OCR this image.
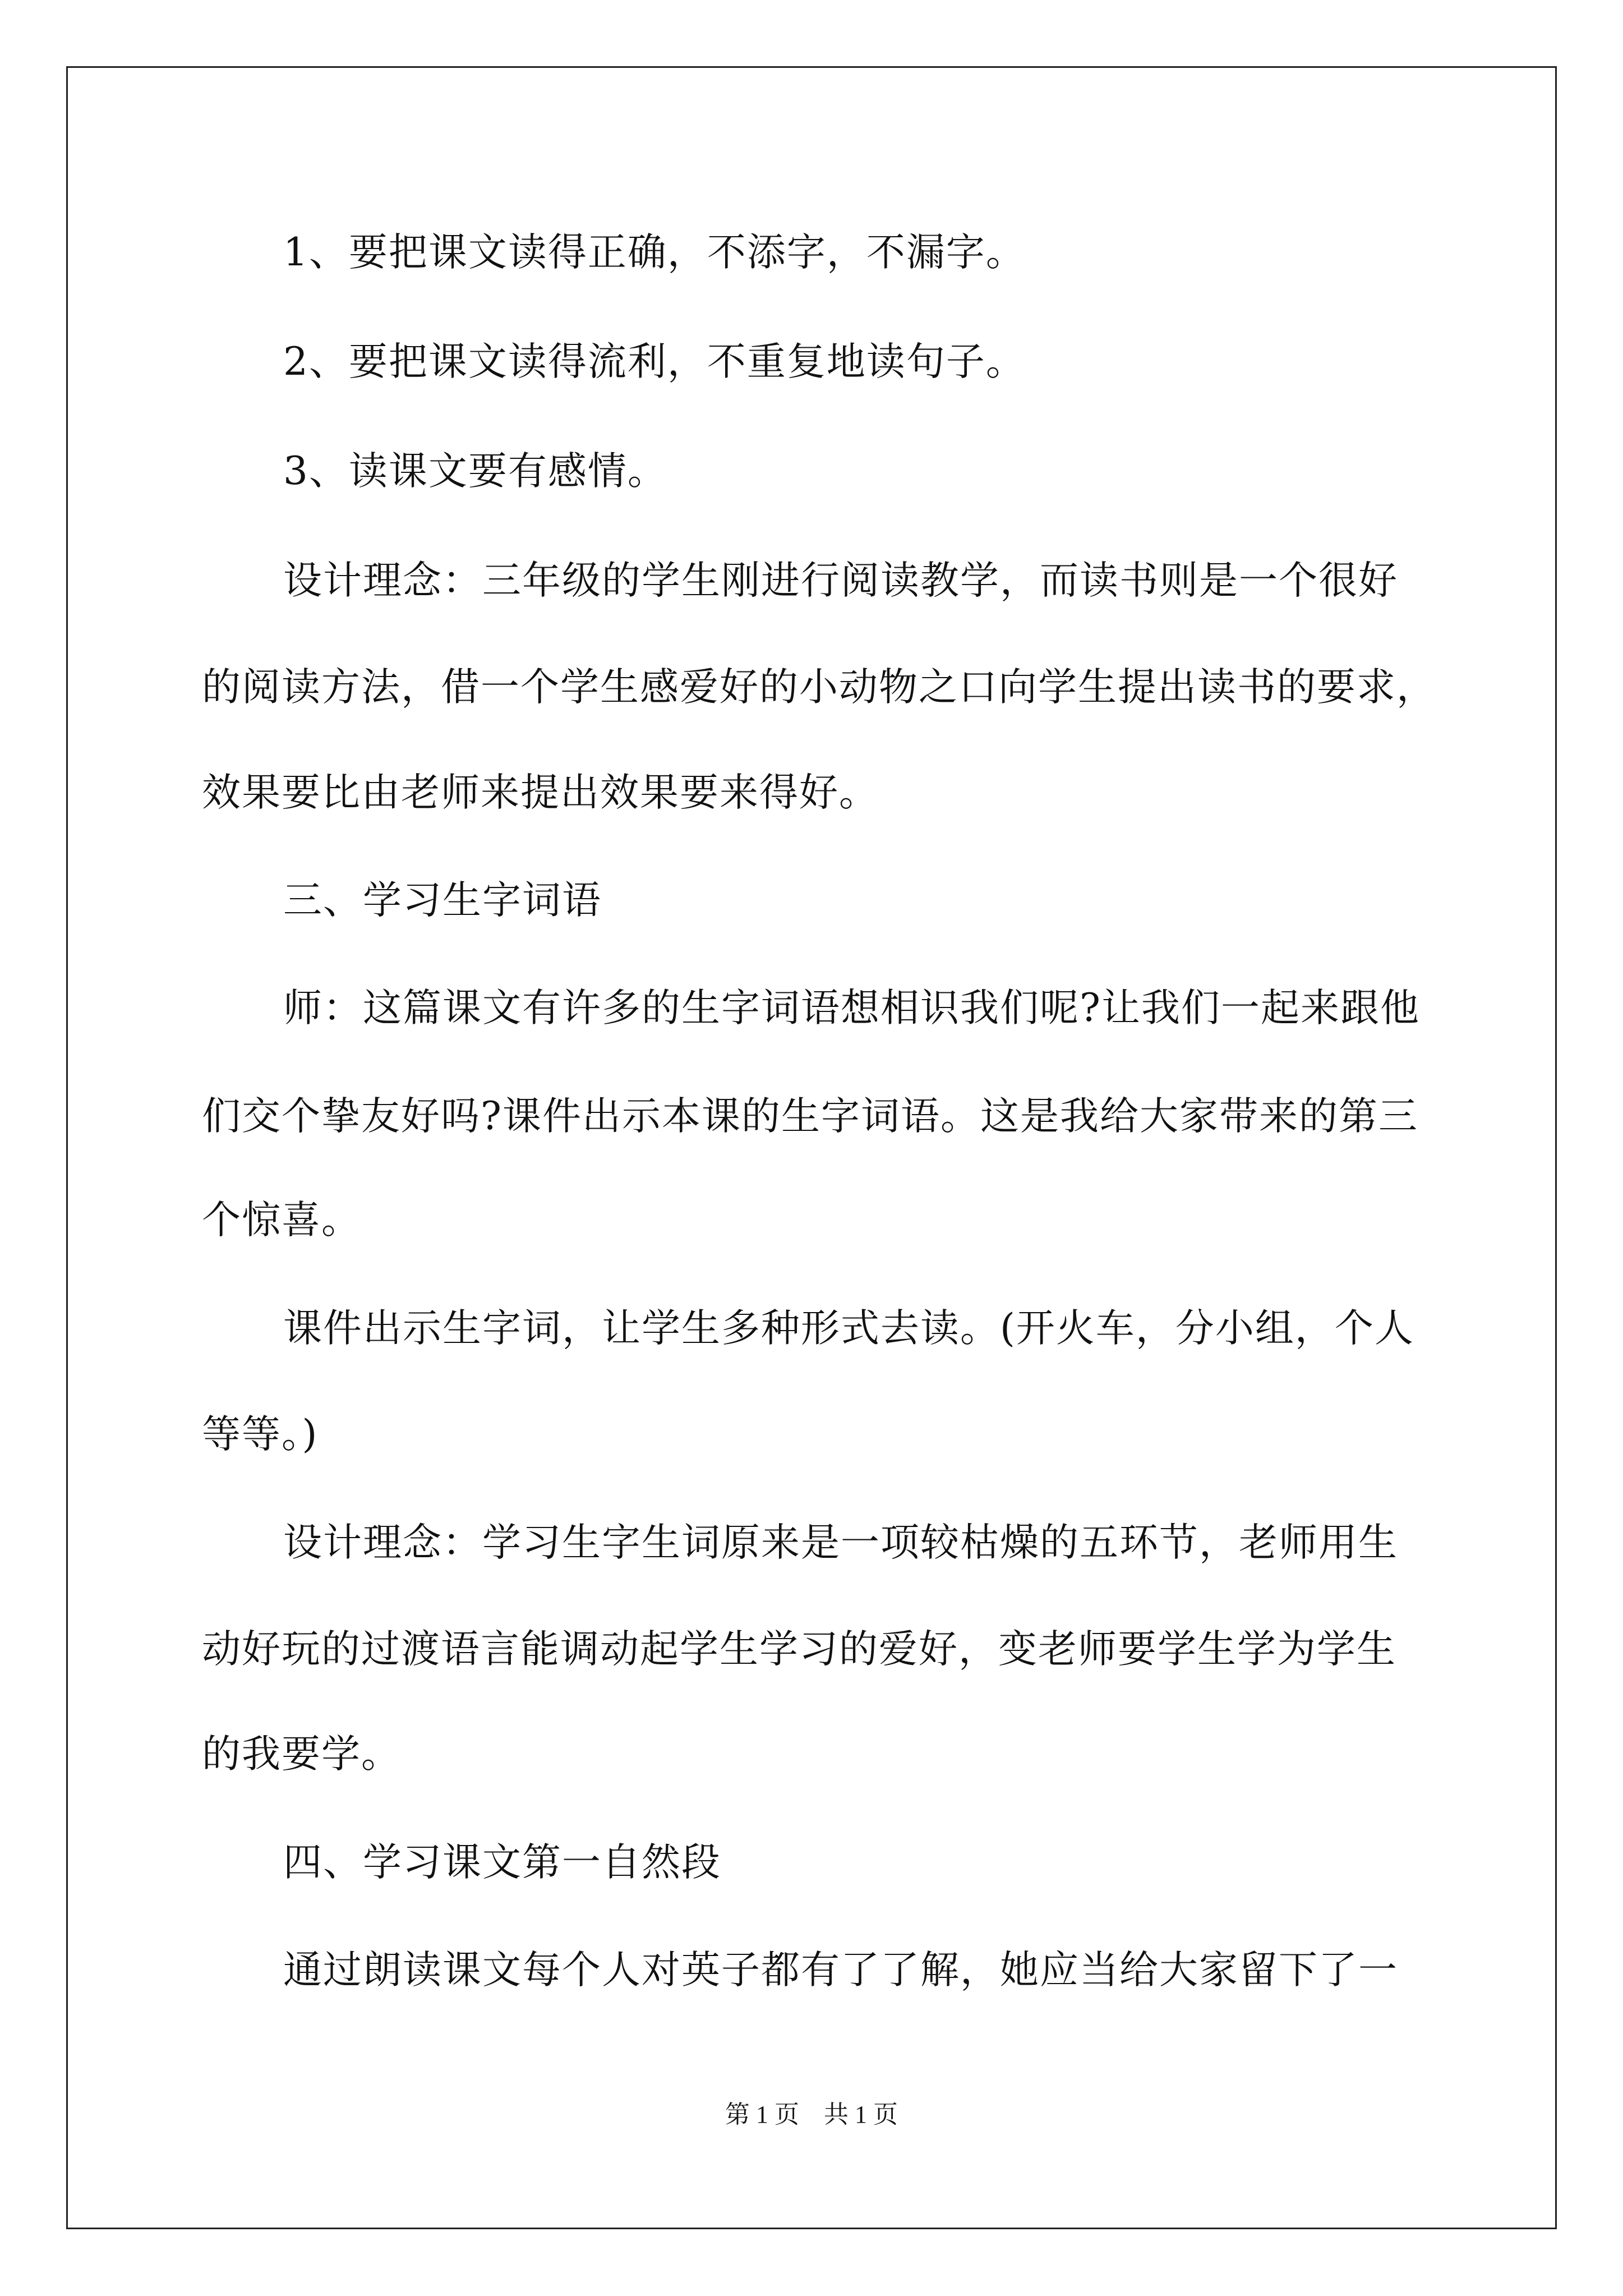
1、要把课文读得正确，不添字，不漏字。
2、要把课文读得流利，不重复地读句子。
3、读课文要有感情。
设计理念：三年级的学生刚进行阅读教学，而读书则是一个很好
的阅读方法，借一个学生感爱好的小动物之口向学生提出读书的要求，
效果要比由老师来提出效果要来得好。
三、学习生字词语
师：这篇课文有许多的生字词语想相识我们呢?让我们一起来跟他
们交个挚友好吗?课件出示本课的生字词语。这是我给大家带来的第三
个惊喜。
课件出示生字词，让学生多种形式去读。(开火车，分小组，个人
等等。)
设计理念：学习生字生词原来是一项较枯燥的五环节，老师用生
动好玩的过渡语言能调动起学生学习的爱好，变老师要学生学为学生
的我要学。
四、学习课文第一自然段
通过朗读课文每个人对英子都有了了解，她应当给大家留下了一
第 1 页　共 1 页
